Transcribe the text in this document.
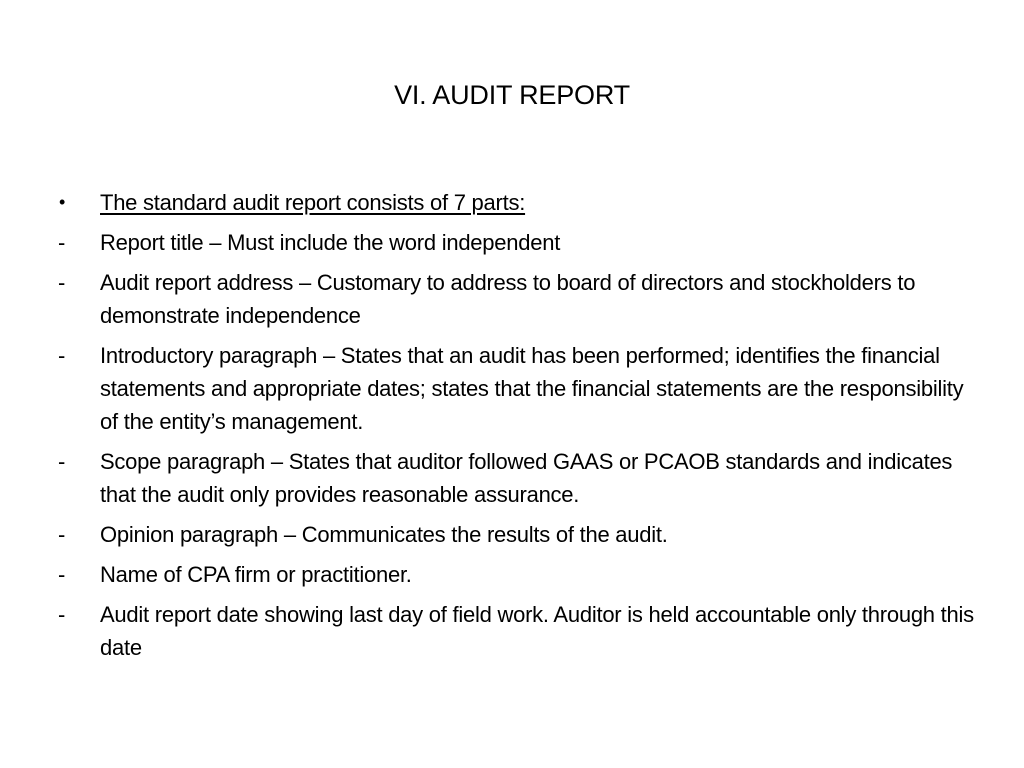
VI. AUDIT REPORT
•	The standard audit report consists of 7 parts:
-	Report title – Must include the word independent
-	Audit report address – Customary to address to board of directors and stockholders to demonstrate independence
-	Introductory paragraph – States that an audit has been performed; identifies the financial statements and appropriate dates; states that the financial statements are the responsibility of the entity’s management.
-	Scope paragraph – States that auditor followed GAAS or PCAOB standards and indicates that the audit only provides reasonable assurance.
-	Opinion paragraph – Communicates the results of the audit.
-	Name of CPA firm or practitioner.
-	Audit report date showing last day of field work. Auditor is held accountable only through this date
